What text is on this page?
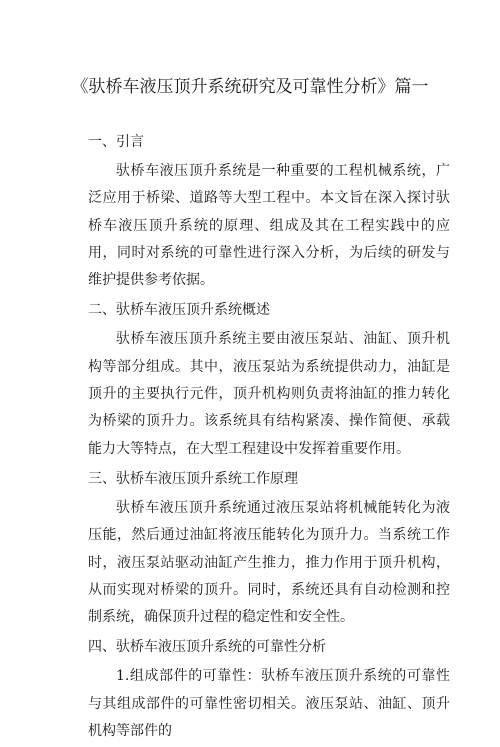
《驮桥车液压顶升系统研究及可靠性分析》篇一
一、引言

驮桥车液压顶升系统是一种重要的工程机械系统，广泛应用于桥梁、道路等大型工程中。本文旨在深入探讨驮桥车液压顶升系统的原理、组成及其在工程实践中的应用，同时对系统的可靠性进行深入分析，为后续的研发与维护提供参考依据。

二、驮桥车液压顶升系统概述

驮桥车液压顶升系统主要由液压泵站、油缸、顶升机构等部分组成。其中，液压泵站为系统提供动力，油缸是顶升的主要执行元件，顶升机构则负责将油缸的推力转化为桥梁的顶升力。该系统具有结构紧凑、操作简便、承载能力大等特点，在大型工程建设中发挥着重要作用。

三、驮桥车液压顶升系统工作原理

驮桥车液压顶升系统通过液压泵站将机械能转化为液压能，然后通过油缸将液压能转化为顶升力。当系统工作时，液压泵站驱动油缸产生推力，推力作用于顶升机构，从而实现对桥梁的顶升。同时，系统还具有自动检测和控制系统，确保顶升过程的稳定性和安全性。

四、驮桥车液压顶升系统的可靠性分析

1.组成部件的可靠性：驮桥车液压顶升系统的可靠性与其组成部件的可靠性密切相关。液压泵站、油缸、顶升机构等部件的
